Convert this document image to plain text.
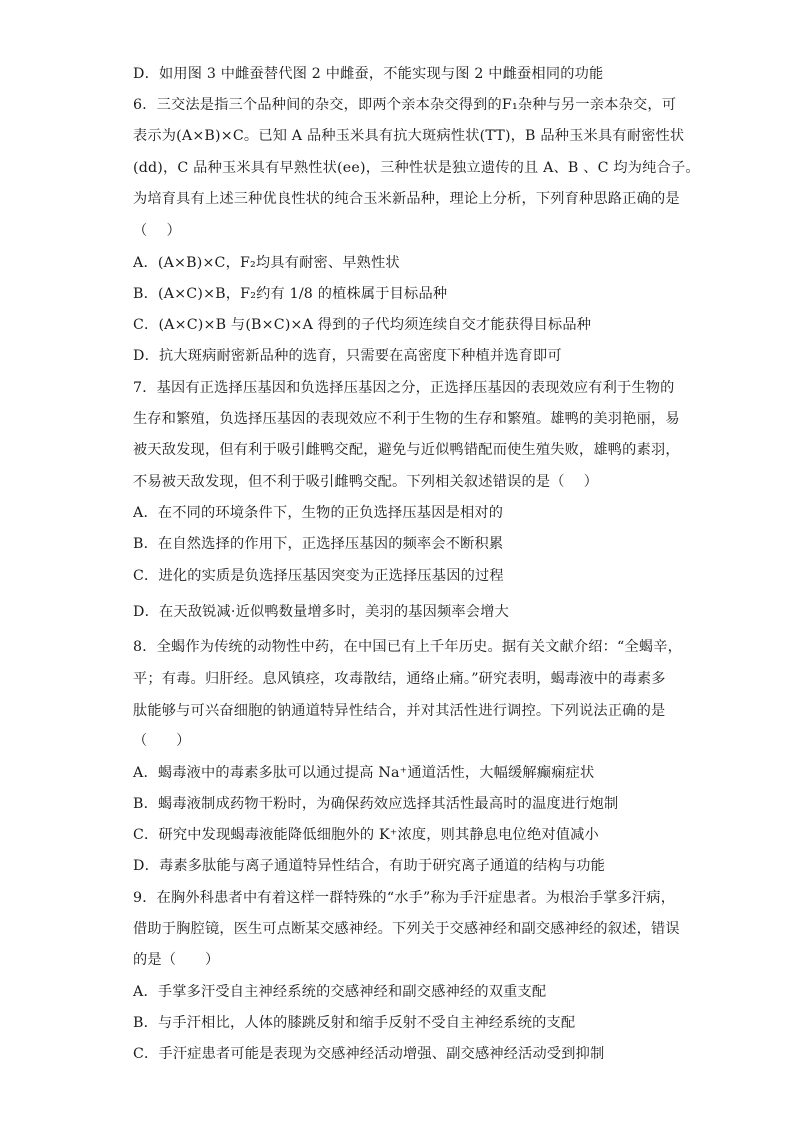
D．如用图 3 中雌蚕替代图 2 中雌蚕，不能实现与图 2 中雌蚕相同的功能
6．三交法是指三个品种间的杂交，即两个亲本杂交得到的F₁杂种与另一亲本杂交，可
表示为(A×B)×C。已知 A 品种玉米具有抗大斑病性状(TT)，B 品种玉米具有耐密性状
(dd)，C 品种玉米具有早熟性状(ee)，三种性状是独立遗传的且 A、B 、C 均为纯合子。
为培育具有上述三种优良性状的纯合玉米新品种，理论上分析，下列育种思路正确的是
（　 ）
A．(A×B)×C，F₂均具有耐密、早熟性状
B．(A×C)×B，F₂约有 1/8 的植株属于目标品种
C．(A×C)×B 与(B×C)×A 得到的子代均须连续自交才能获得目标品种
D．抗大斑病耐密新品种的选育，只需要在高密度下种植并选育即可
7．基因有正选择压基因和负选择压基因之分，正选择压基因的表现效应有利于生物的
生存和繁殖，负选择压基因的表现效应不利于生物的生存和繁殖。雄鸭的美羽艳丽，易
被天敌发现，但有利于吸引雌鸭交配，避免与近似鸭错配而使生殖失败，雄鸭的素羽，
不易被天敌发现，但不利于吸引雌鸭交配。下列相关叙述错误的是（　 ）
A．在不同的环境条件下，生物的正负选择压基因是相对的
B．在自然选择的作用下，正选择压基因的频率会不断积累
C．进化的实质是负选择压基因突变为正选择压基因的过程
D．在天敌锐减·近似鸭数量增多时，美羽的基因频率会增大
8．全蝎作为传统的动物性中药，在中国已有上千年历史。据有关文献介绍：“全蝎辛，
平；有毒。归肝经。息风镇痉，攻毒散结，通络止痛。”研究表明，蝎毒液中的毒素多
肽能够与可兴奋细胞的钠通道特异性结合，并对其活性进行调控。下列说法正确的是
（　　）
A．蝎毒液中的毒素多肽可以通过提高 Na⁺通道活性，大幅缓解癫痫症状
B．蝎毒液制成药物干粉时，为确保药效应选择其活性最高时的温度进行炮制
C．研究中发现蝎毒液能降低细胞外的 K⁺浓度，则其静息电位绝对值减小
D．毒素多肽能与离子通道特异性结合，有助于研究离子通道的结构与功能
9．在胸外科患者中有着这样一群特殊的“水手”称为手汗症患者。为根治手掌多汗病，
借助于胸腔镜，医生可点断某交感神经。下列关于交感神经和副交感神经的叙述，错误
的是（　　）
A．手掌多汗受自主神经系统的交感神经和副交感神经的双重支配
B．与手汗相比，人体的膝跳反射和缩手反射不受自主神经系统的支配
C．手汗症患者可能是表现为交感神经活动增强、副交感神经活动受到抑制
